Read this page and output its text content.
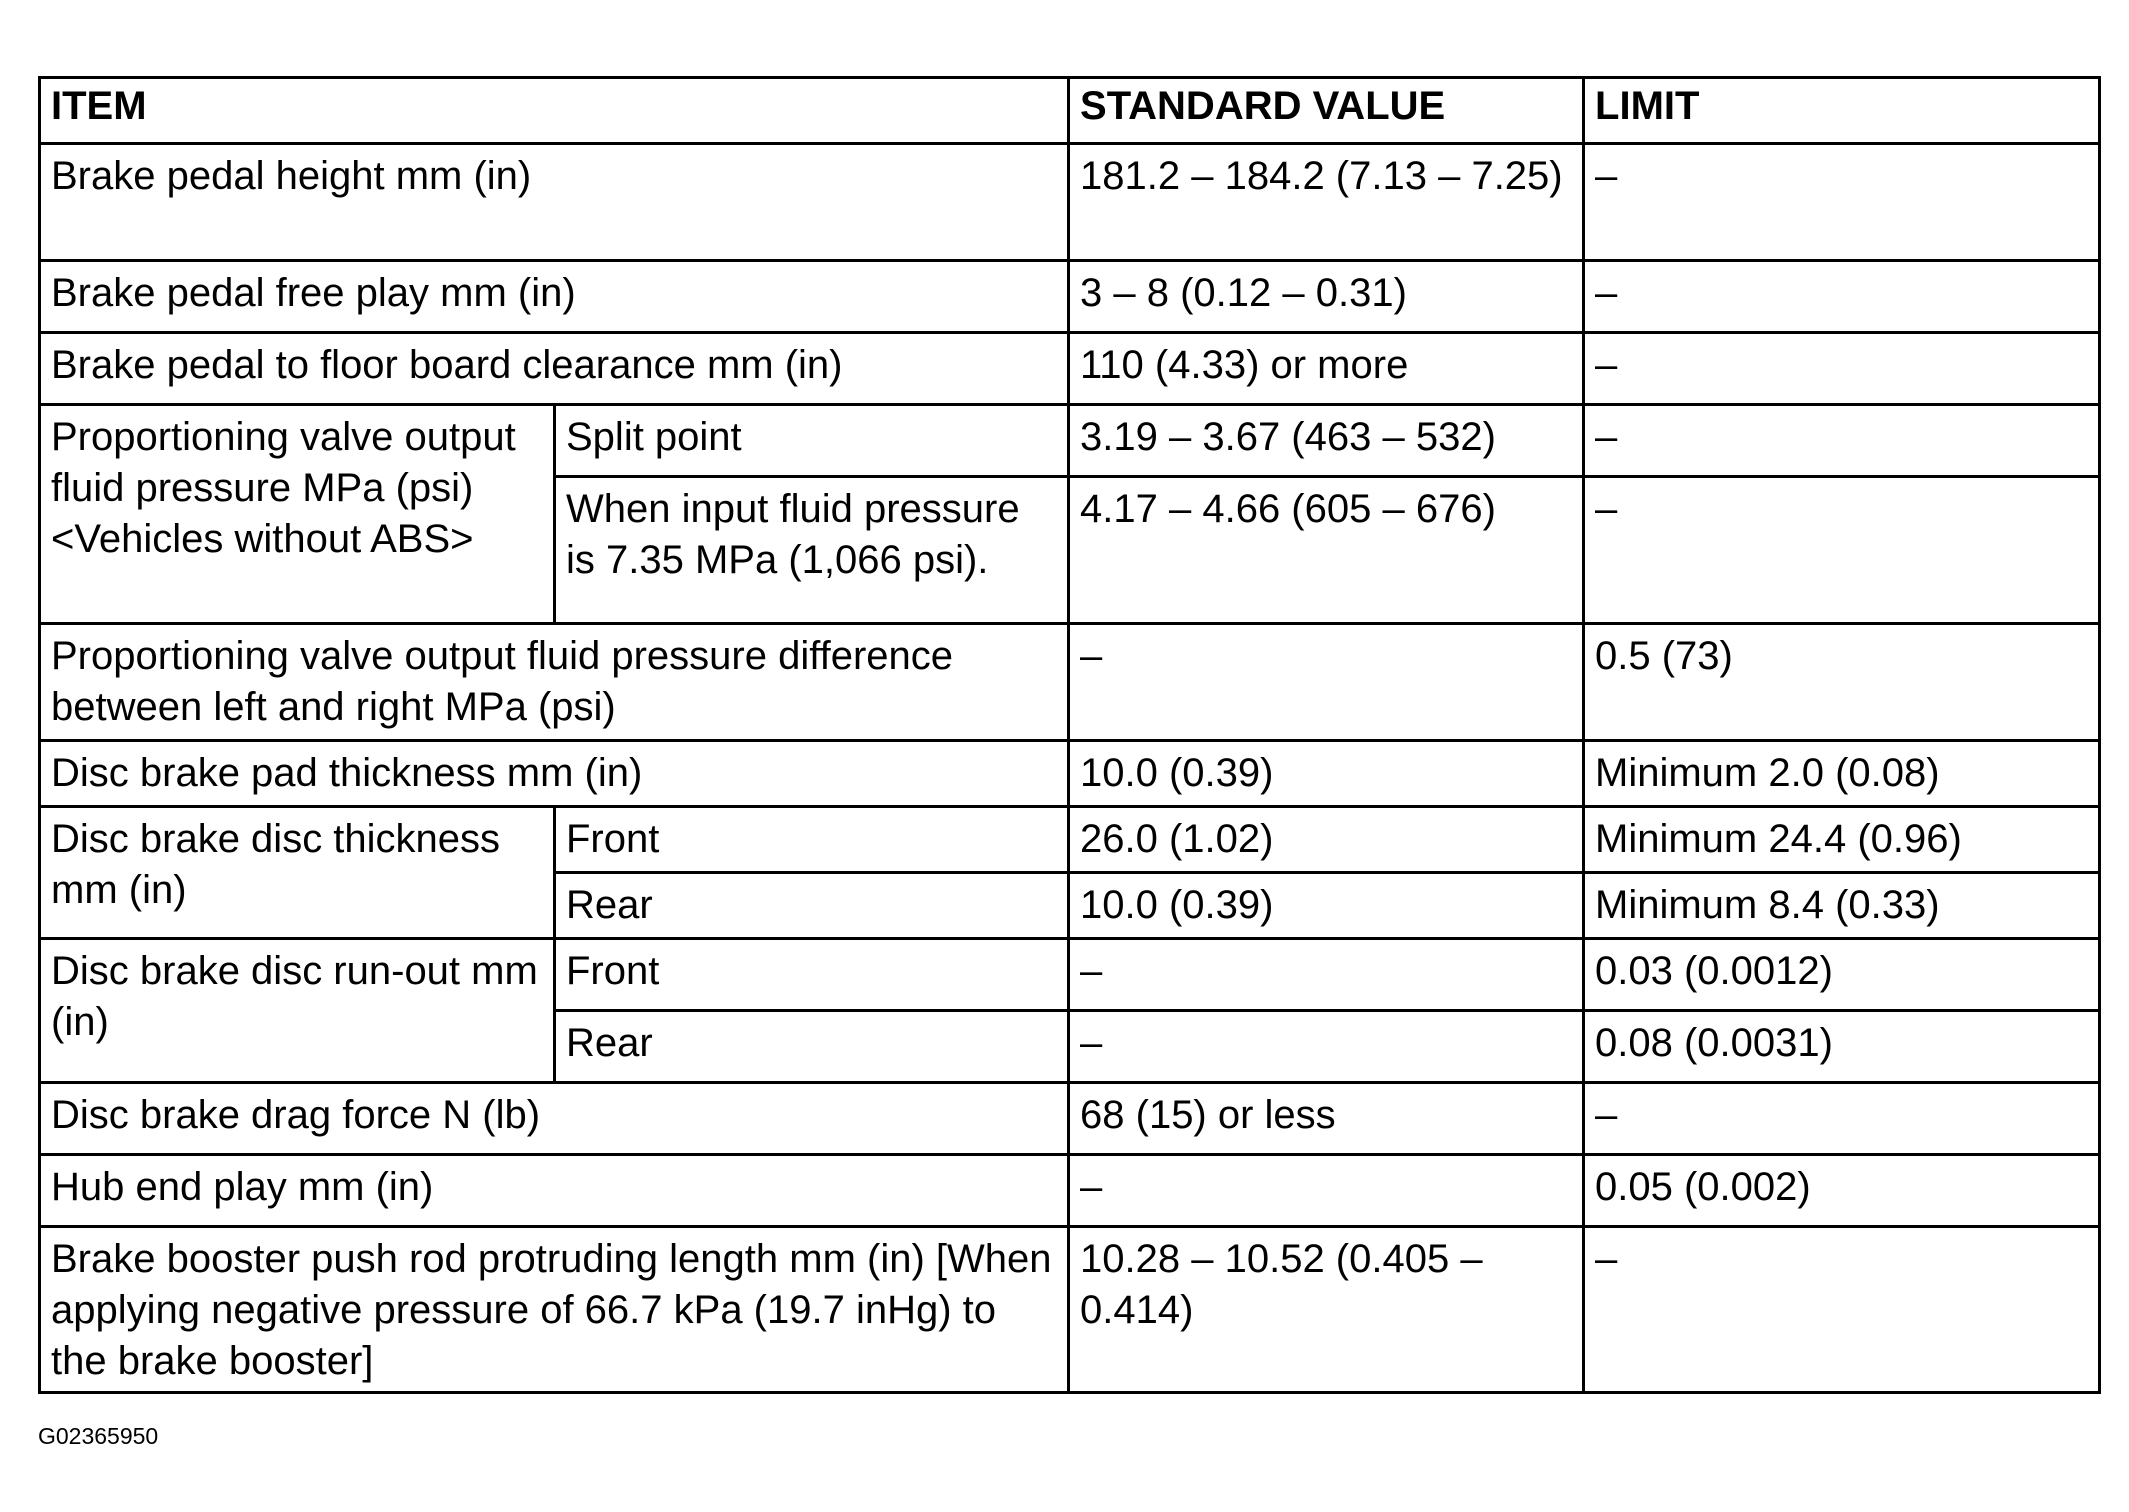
ITEM		STANDARD VALUE	LIMIT
Brake pedal height mm (in)		181.2 – 184.2 (7.13 – 7.25)	–
Brake pedal free play mm (in)		3 – 8 (0.12 – 0.31)	–
Brake pedal to floor board clearance mm (in)		110 (4.33) or more	–
Proportioning valve output fluid pressure MPa (psi) <Vehicles without ABS>	Split point	3.19 – 3.67 (463 – 532)	–
	When input fluid pressure is 7.35 MPa (1,066 psi).	4.17 – 4.66 (605 – 676)	–
Proportioning valve output fluid pressure difference between left and right MPa (psi)		–	0.5 (73)
Disc brake pad thickness mm (in)		10.0 (0.39)	Minimum 2.0 (0.08)
Disc brake disc thickness mm (in)	Front	26.0 (1.02)	Minimum 24.4 (0.96)
	Rear	10.0 (0.39)	Minimum 8.4 (0.33)
Disc brake disc run-out mm (in)	Front	–	0.03 (0.0012)
	Rear	–	0.08 (0.0031)
Disc brake drag force N (lb)		68 (15) or less	–
Hub end play mm (in)		–	0.05 (0.002)
Brake booster push rod protruding length mm (in) [When applying negative pressure of 66.7 kPa (19.7 inHg) to the brake booster]		10.28 – 10.52 (0.405 – 0.414)	–
G02365950
